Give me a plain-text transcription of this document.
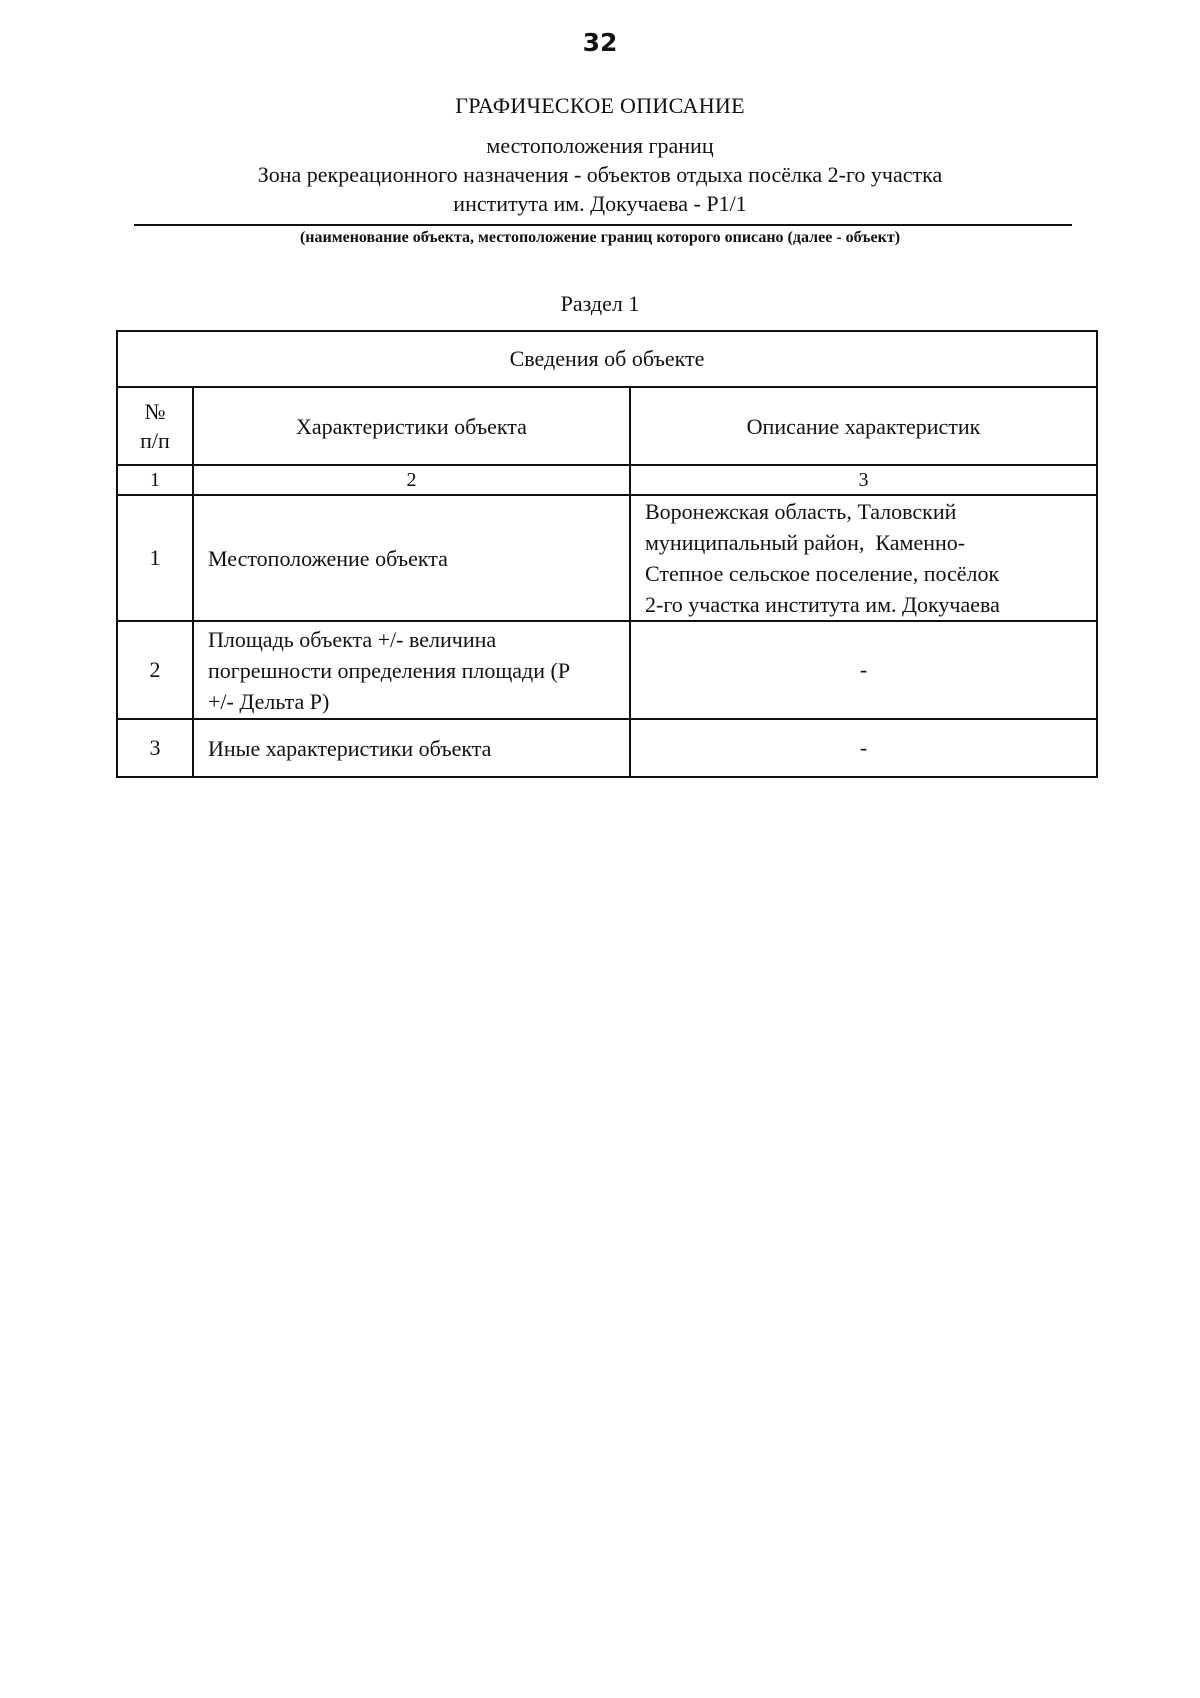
32
ГРАФИЧЕСКОЕ ОПИСАНИЕ
местоположения границ
Зона рекреационного назначения - объектов отдыха посёлка 2-го участка
института им. Докучаева - Р1/1
(наименование объекта, местоположение границ которого описано (далее - объект)
Раздел 1
Сведения об объекте		

№
п/п	Характеристики объекта	Описание характеристик
1	2	3
1	Местоположение объекта	Воронежская область, Таловский
муниципальный район,  Каменно-
Степное сельское поселение, посёлок
2-го участка института им. Докучаева

2	Площадь объекта +/- величина
погрешности определения площади (Р
+/- Дельта Р)	-
3	Иные характеристики объекта	-
